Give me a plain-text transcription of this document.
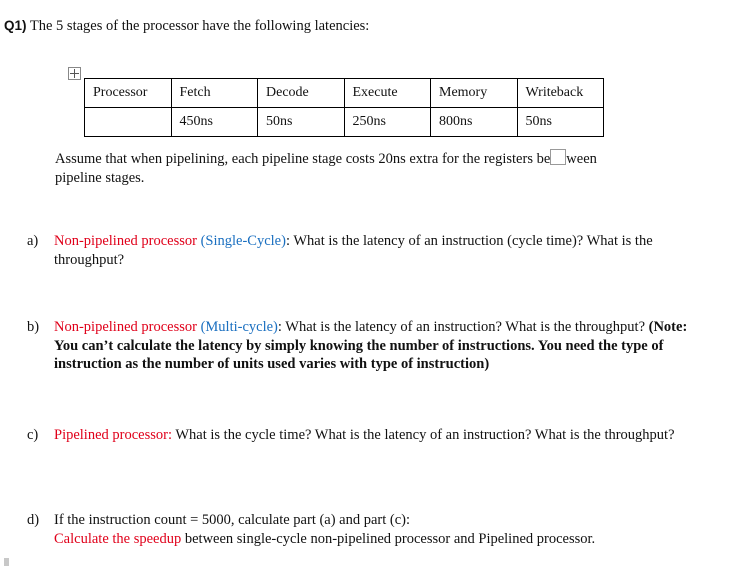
Q1) The 5 stages of the processor have the following latencies:
Processor	Fetch	Decode	Execute	Memory	Writeback
	450ns	50ns	250ns	800ns	50ns
Assume that when pipelining, each pipeline stage costs 20ns extra for the registers be ween
pipeline stages.
a) Non-pipelined processor (Single-Cycle): What is the latency of an instruction (cycle time)? What is the throughput?
b) Non-pipelined processor (Multi-cycle): What is the latency of an instruction? What is the throughput? (Note: You can’t calculate the latency by simply knowing the number of instructions. You need the type of instruction as the number of units used varies with type of instruction)
c) Pipelined processor: What is the cycle time? What is the latency of an instruction? What is the throughput?
d) If the instruction count = 5000, calculate part (a) and part (c):
Calculate the speedup between single-cycle non-pipelined processor and Pipelined processor.
